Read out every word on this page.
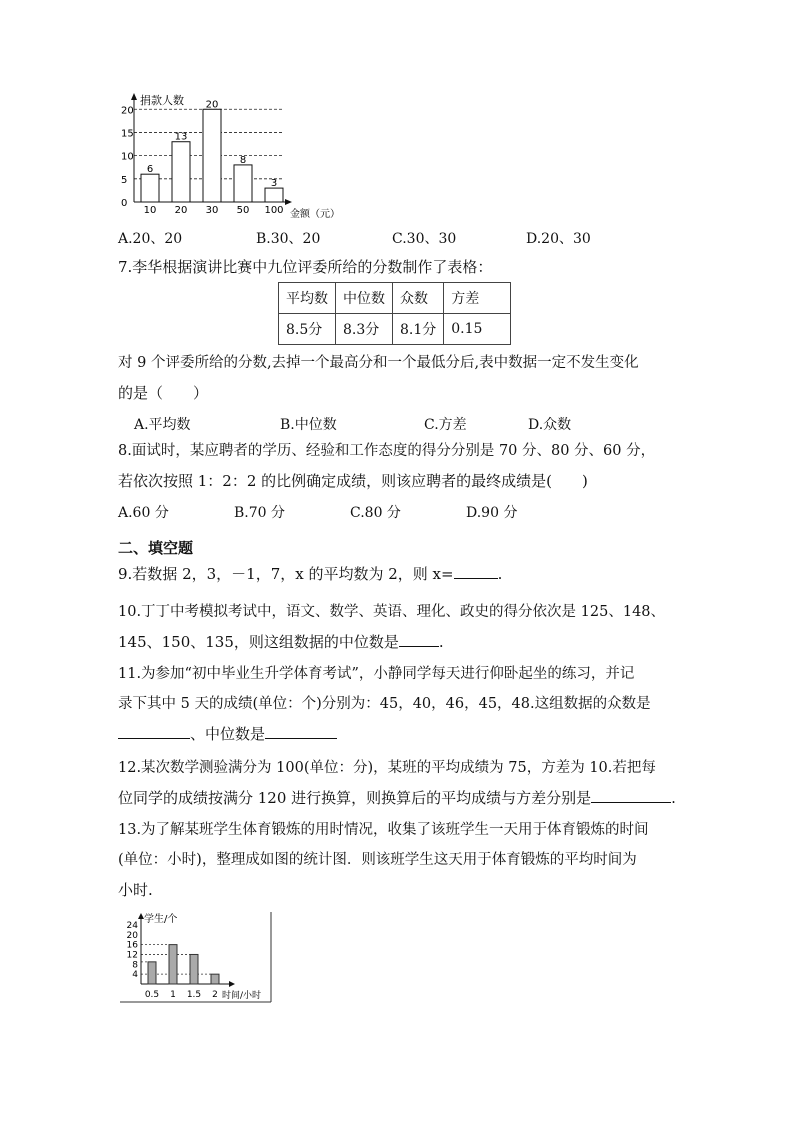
捐款人数
金额（元）
0
5
10
15
20
6
10
13
20
20
30
8
50
3
100
A.20、20	B.30、20	C.30、30	D.20、30
7.李华根据演讲比赛中九位评委所给的分数制作了表格：
平均数	中位数	众数	方差
8.5分	8.3分	8.1分	0.15
对 9 个评委所给的分数,去掉一个最高分和一个最低分后,表中数据一定不发生变化
的是（　　）
A.平均数	B.中位数	C.方差	D.众数
8.面试时，某应聘者的学历、经验和工作态度的得分分别是 70 分、80 分、60 分，
若依次按照 1：2：2 的比例确定成绩，则该应聘者的最终成绩是(　　)
A.60 分	B.70 分	C.80 分	D.90 分
二、填空题
9.若数据 2，3，－1，7，x 的平均数为 2，则 x=	.
10.丁丁中考模拟考试中，语文、数学、英语、理化、政史的得分依次是 125、148、
145、150、135，则这组数据的中位数是	.
11.为参加“初中毕业生升学体育考试”，小静同学每天进行仰卧起坐的练习，并记
录下其中 5 天的成绩(单位：个)分别为：45，40，46，45，48.这组数据的众数是
、中位数是
12.某次数学测验满分为 100(单位：分)，某班的平均成绩为 75，方差为 10.若把每
位同学的成绩按满分 120 进行换算，则换算后的平均成绩与方差分别是	.
13.为了解某班学生体育锻炼的用时情况，收集了该班学生一天用于体育锻炼的时间
(单位：小时)，整理成如图的统计图．则该班学生这天用于体育锻炼的平均时间为
小时.
学生/个
时间/小时
4
8
12
16
20
24
0.5 1 1.5 2
